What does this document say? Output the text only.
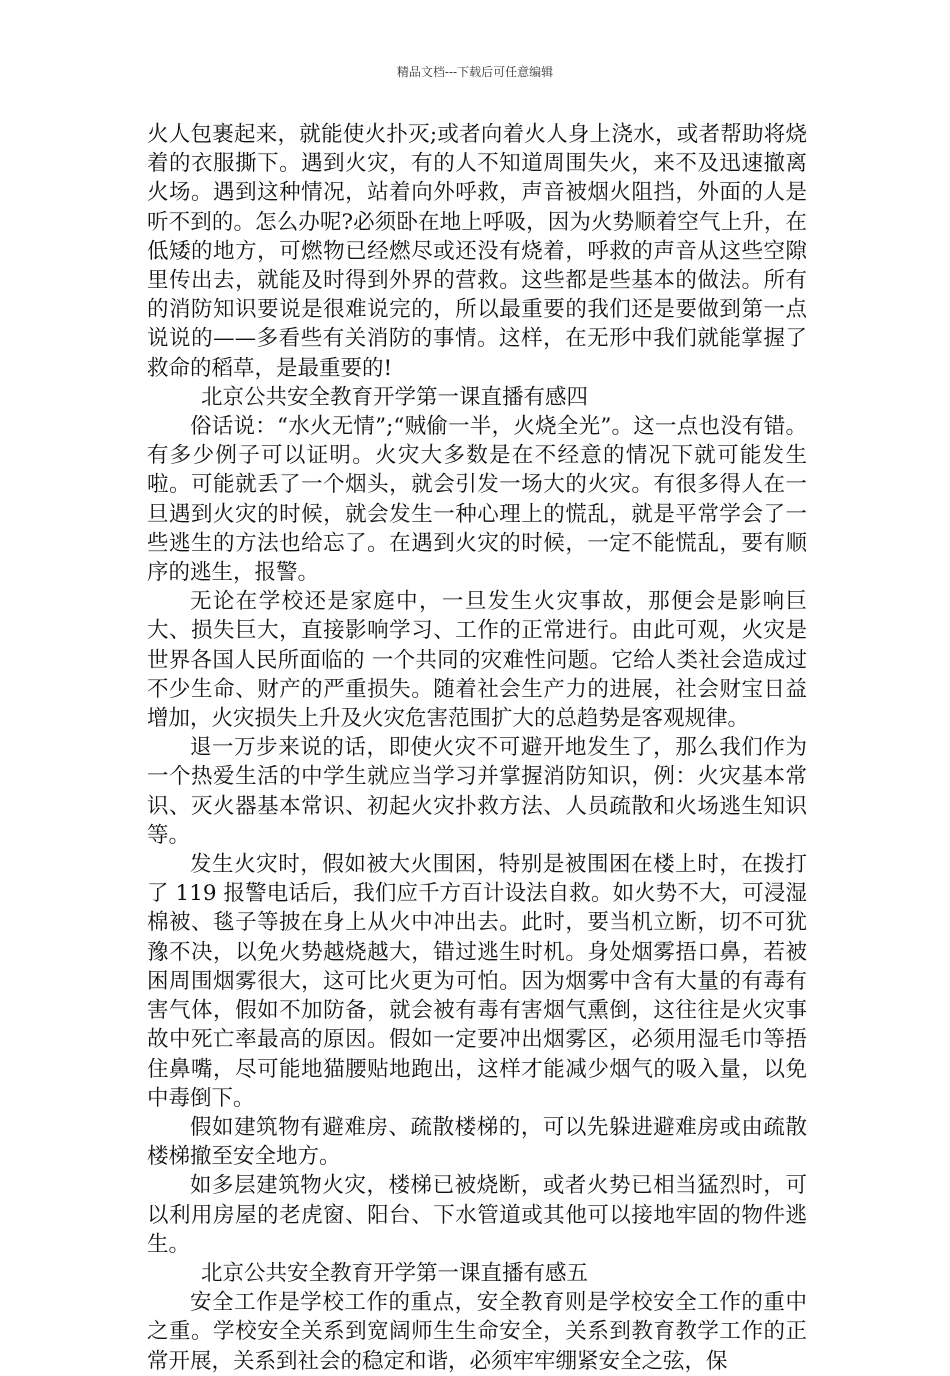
精品文档---下载后可任意编辑

火人包裹起来，就能使火扑灭;或者向着火人身上浇水，或者帮助将烧着的衣服撕下。遇到火灾，有的人不知道周围失火，来不及迅速撤离火场。遇到这种情况，站着向外呼救，声音被烟火阻挡，外面的人是听不到的。怎么办呢?必须卧在地上呼吸，因为火势顺着空气上升，在低矮的地方，可燃物已经燃尽或还没有烧着，呼救的声音从这些空隙里传出去，就能及时得到外界的营救。这些都是些基本的做法。所有的消防知识要说是很难说完的，所以最重要的我们还是要做到第一点说说的——多看些有关消防的事情。这样，在无形中我们就能掌握了救命的稻草，是最重要的!

北京公共安全教育开学第一课直播有感四

俗话说：“水火无情”;“贼偷一半，火烧全光”。这一点也没有错。有多少例子可以证明。火灾大多数是在不经意的情况下就可能发生啦。可能就丢了一个烟头，就会引发一场大的火灾。有很多得人在一旦遇到火灾的时候，就会发生一种心理上的慌乱，就是平常学会了一些逃生的方法也给忘了。在遇到火灾的时候，一定不能慌乱，要有顺序的逃生，报警。

无论在学校还是家庭中，一旦发生火灾事故，那便会是影响巨大、损失巨大，直接影响学习、工作的正常进行。由此可观，火灾是世界各国人民所面临的 一个共同的灾难性问题。它给人类社会造成过不少生命、财产的严重损失。随着社会生产力的进展，社会财宝日益增加，火灾损失上升及火灾危害范围扩大的总趋势是客观规律。

退一万步来说的话，即使火灾不可避开地发生了，那么我们作为一个热爱生活的中学生就应当学习并掌握消防知识，例：火灾基本常识、灭火器基本常识、初起火灾扑救方法、人员疏散和火场逃生知识等。

发生火灾时，假如被大火围困，特别是被围困在楼上时，在拨打了 119 报警电话后，我们应千方百计设法自救。如火势不大，可浸湿棉被、毯子等披在身上从火中冲出去。此时，要当机立断，切不可犹豫不决，以免火势越烧越大，错过逃生时机。身处烟雾捂口鼻，若被困周围烟雾很大，这可比火更为可怕。因为烟雾中含有大量的有毒有害气体，假如不加防备，就会被有毒有害烟气熏倒，这往往是火灾事故中死亡率最高的原因。假如一定要冲出烟雾区，必须用湿毛巾等捂住鼻嘴，尽可能地猫腰贴地跑出，这样才能减少烟气的吸入量，以免中毒倒下。

假如建筑物有避难房、疏散楼梯的，可以先躲进避难房或由疏散楼梯撤至安全地方。

如多层建筑物火灾，楼梯已被烧断，或者火势已相当猛烈时，可以利用房屋的老虎窗、阳台、下水管道或其他可以接地牢固的物件逃生。

北京公共安全教育开学第一课直播有感五

安全工作是学校工作的重点，安全教育则是学校安全工作的重中之重。学校安全关系到宽阔师生生命安全，关系到教育教学工作的正常开展，关系到社会的稳定和谐，必须牢牢绷紧安全之弦，保
